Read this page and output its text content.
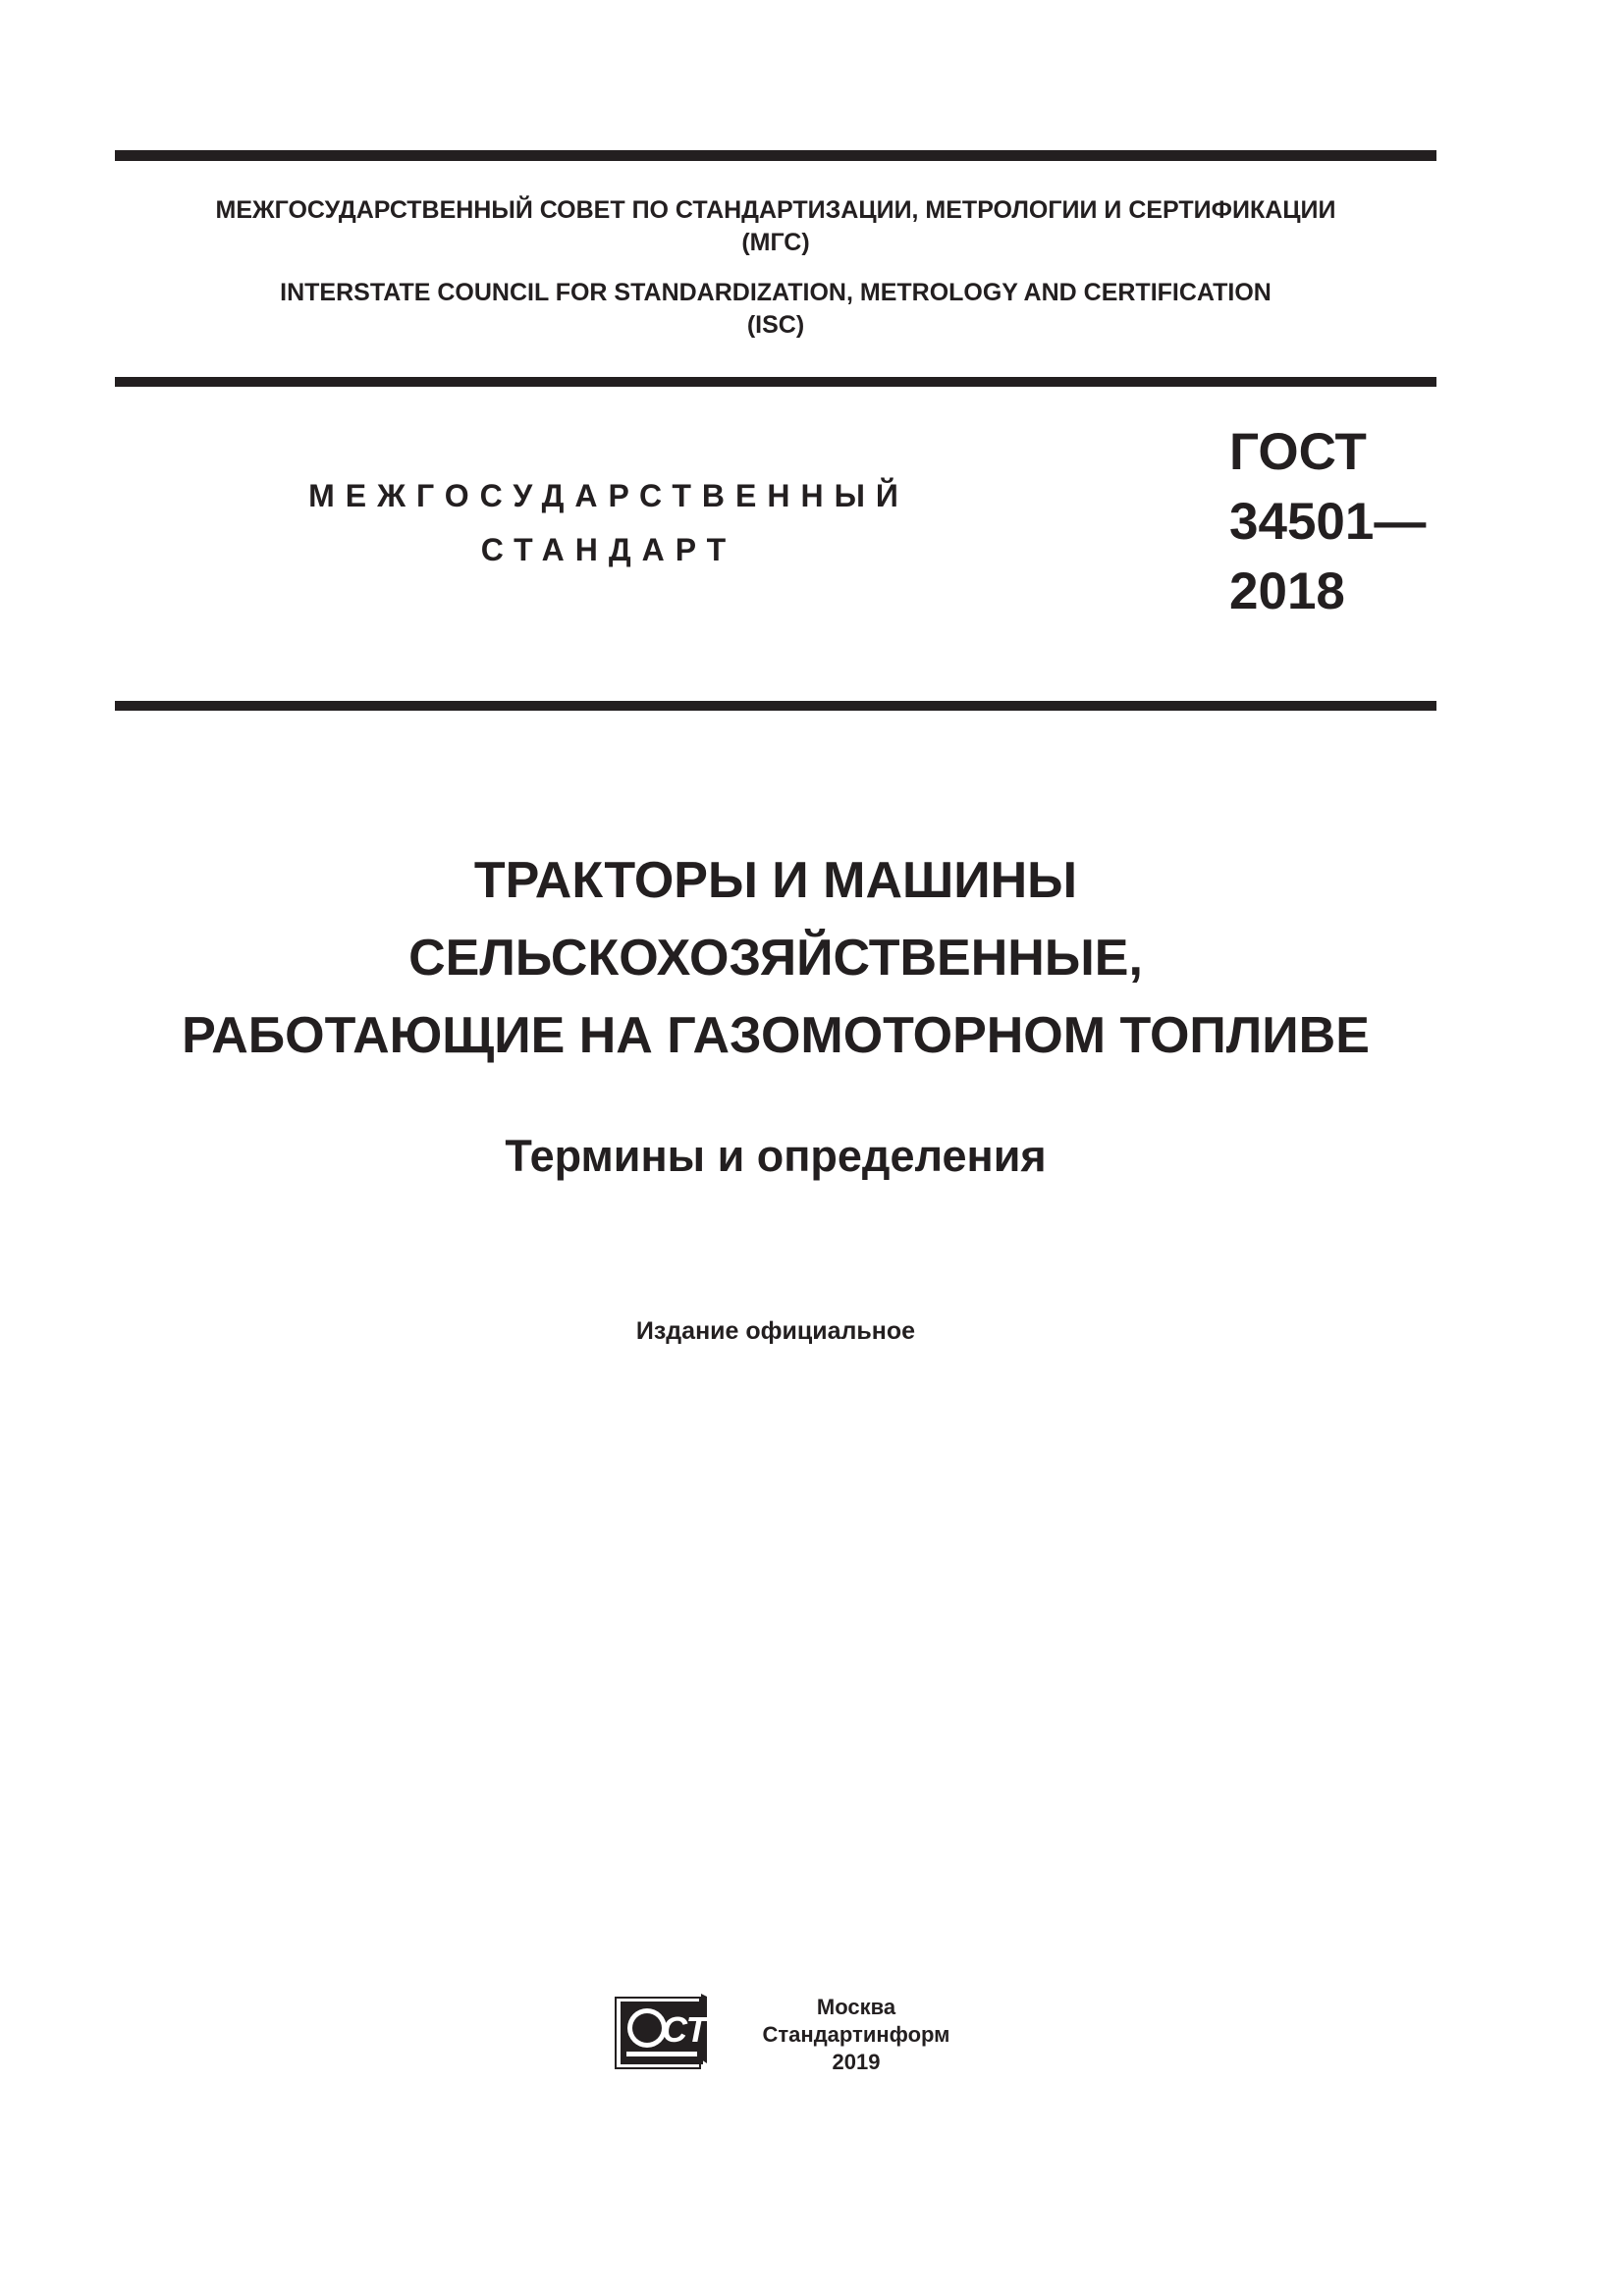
МЕЖГОСУДАРСТВЕННЫЙ СОВЕТ ПО СТАНДАРТИЗАЦИИ, МЕТРОЛОГИИ И СЕРТИФИКАЦИИ
(МГС)
INTERSTATE COUNCIL FOR STANDARDIZATION, METROLOGY AND CERTIFICATION
(ISC)
МЕЖГОСУДАРСТВЕННЫЙ
СТАНДАРТ
ГОСТ
34501—
2018
ТРАКТОРЫ И МАШИНЫ
СЕЛЬСКОХОЗЯЙСТВЕННЫЕ,
РАБОТАЮЩИЕ НА ГАЗОМОТОРНОМ ТОПЛИВЕ
Термины и определения
Издание официальное
СТИ
Москва
Стандартинформ
2019
